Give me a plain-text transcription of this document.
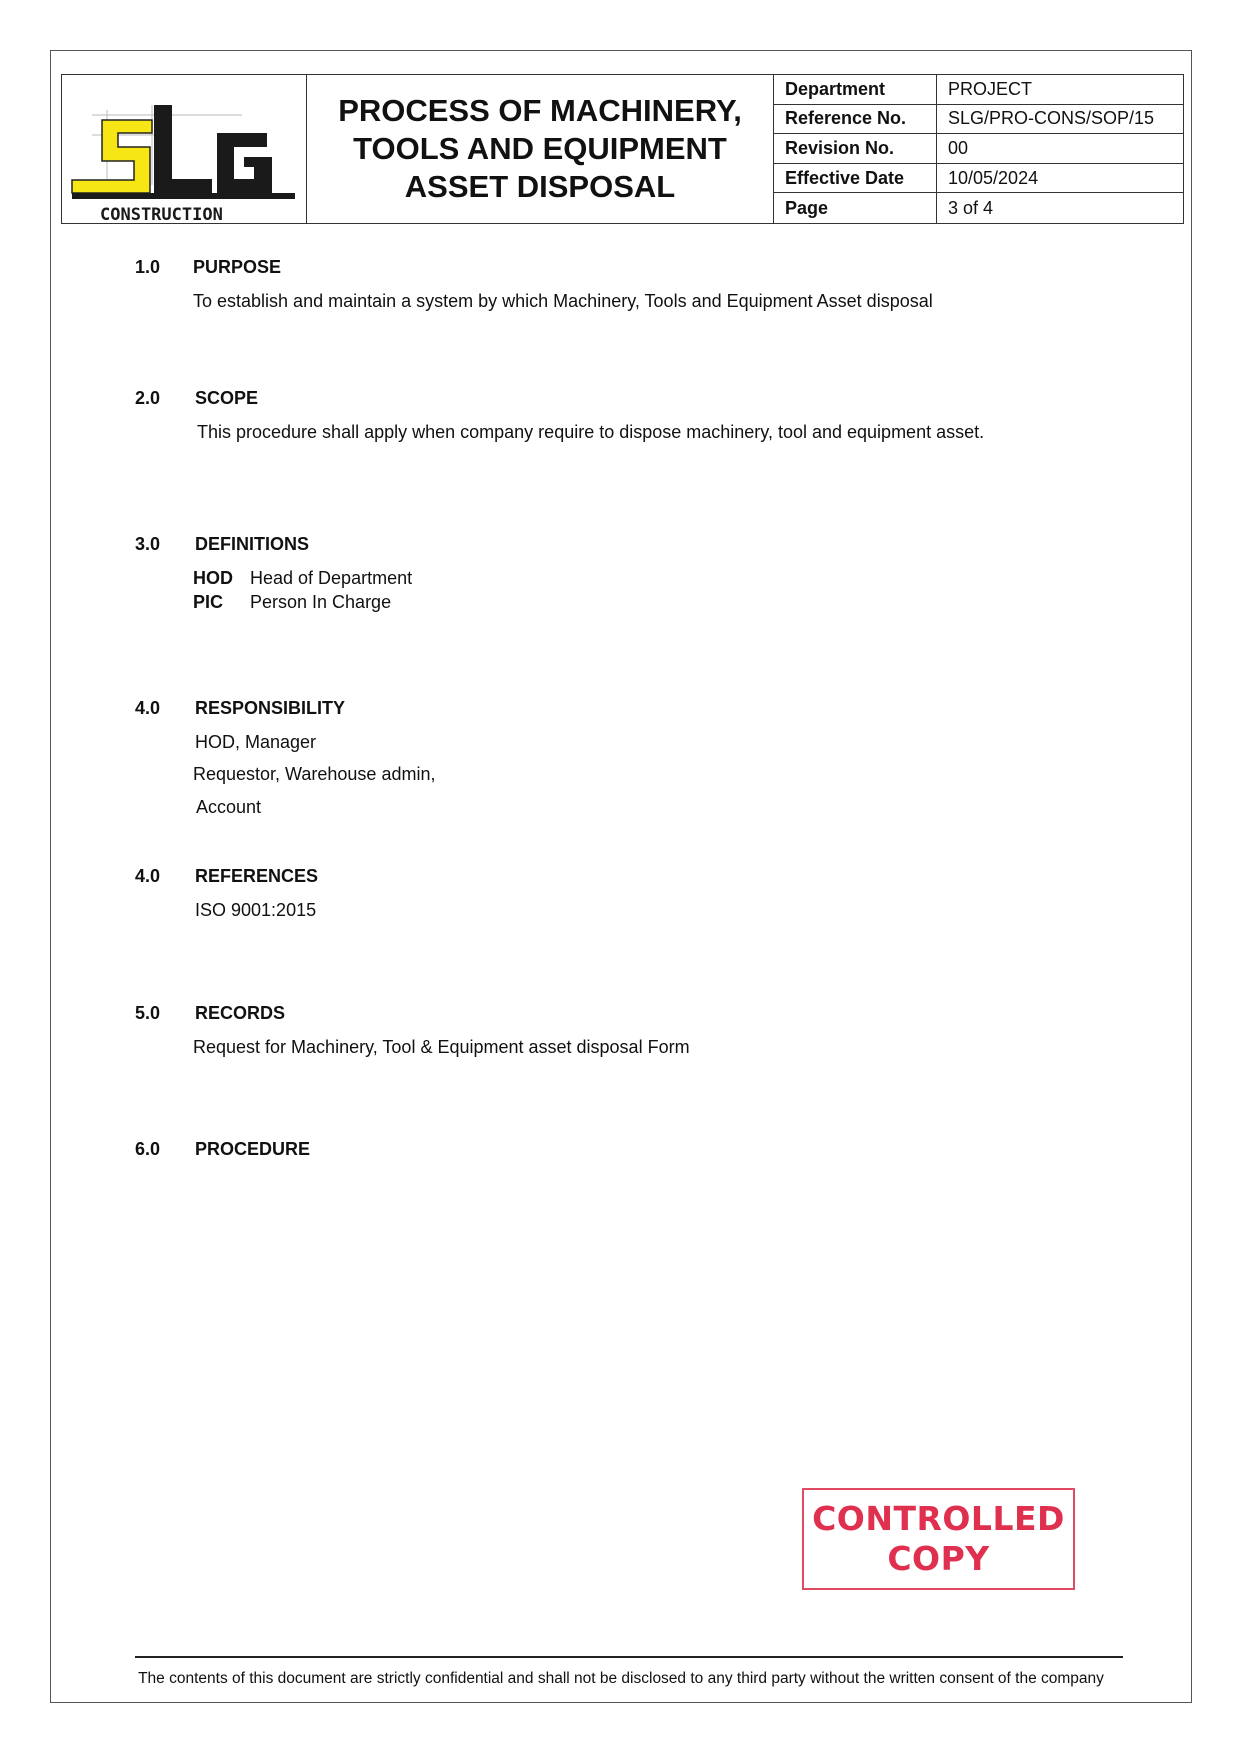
CONSTRUCTION
PROCESS OF MACHINERY,
TOOLS AND EQUIPMENT
ASSET DISPOSAL
Department	PROJECT
Reference No.	SLG/PRO-CONS/SOP/15
Revision No.	00
Effective Date	10/05/2024
Page	3 of 4
1.0 PURPOSE
To establish and maintain a system by which Machinery, Tools and Equipment Asset disposal
2.0 SCOPE
This procedure shall apply when company require to dispose machinery, tool and equipment asset.
3.0 DEFINITIONS
HOD Head of Department
PIC Person In Charge
4.0 RESPONSIBILITY
HOD, Manager
Requestor, Warehouse admin,
Account
4.0 REFERENCES
ISO 9001:2015
5.0 RECORDS
Request for Machinery, Tool & Equipment asset disposal Form
6.0 PROCEDURE
CONTROLLED
COPY
The contents of this document are strictly confidential and shall not be disclosed to any third party without the written consent of the company
